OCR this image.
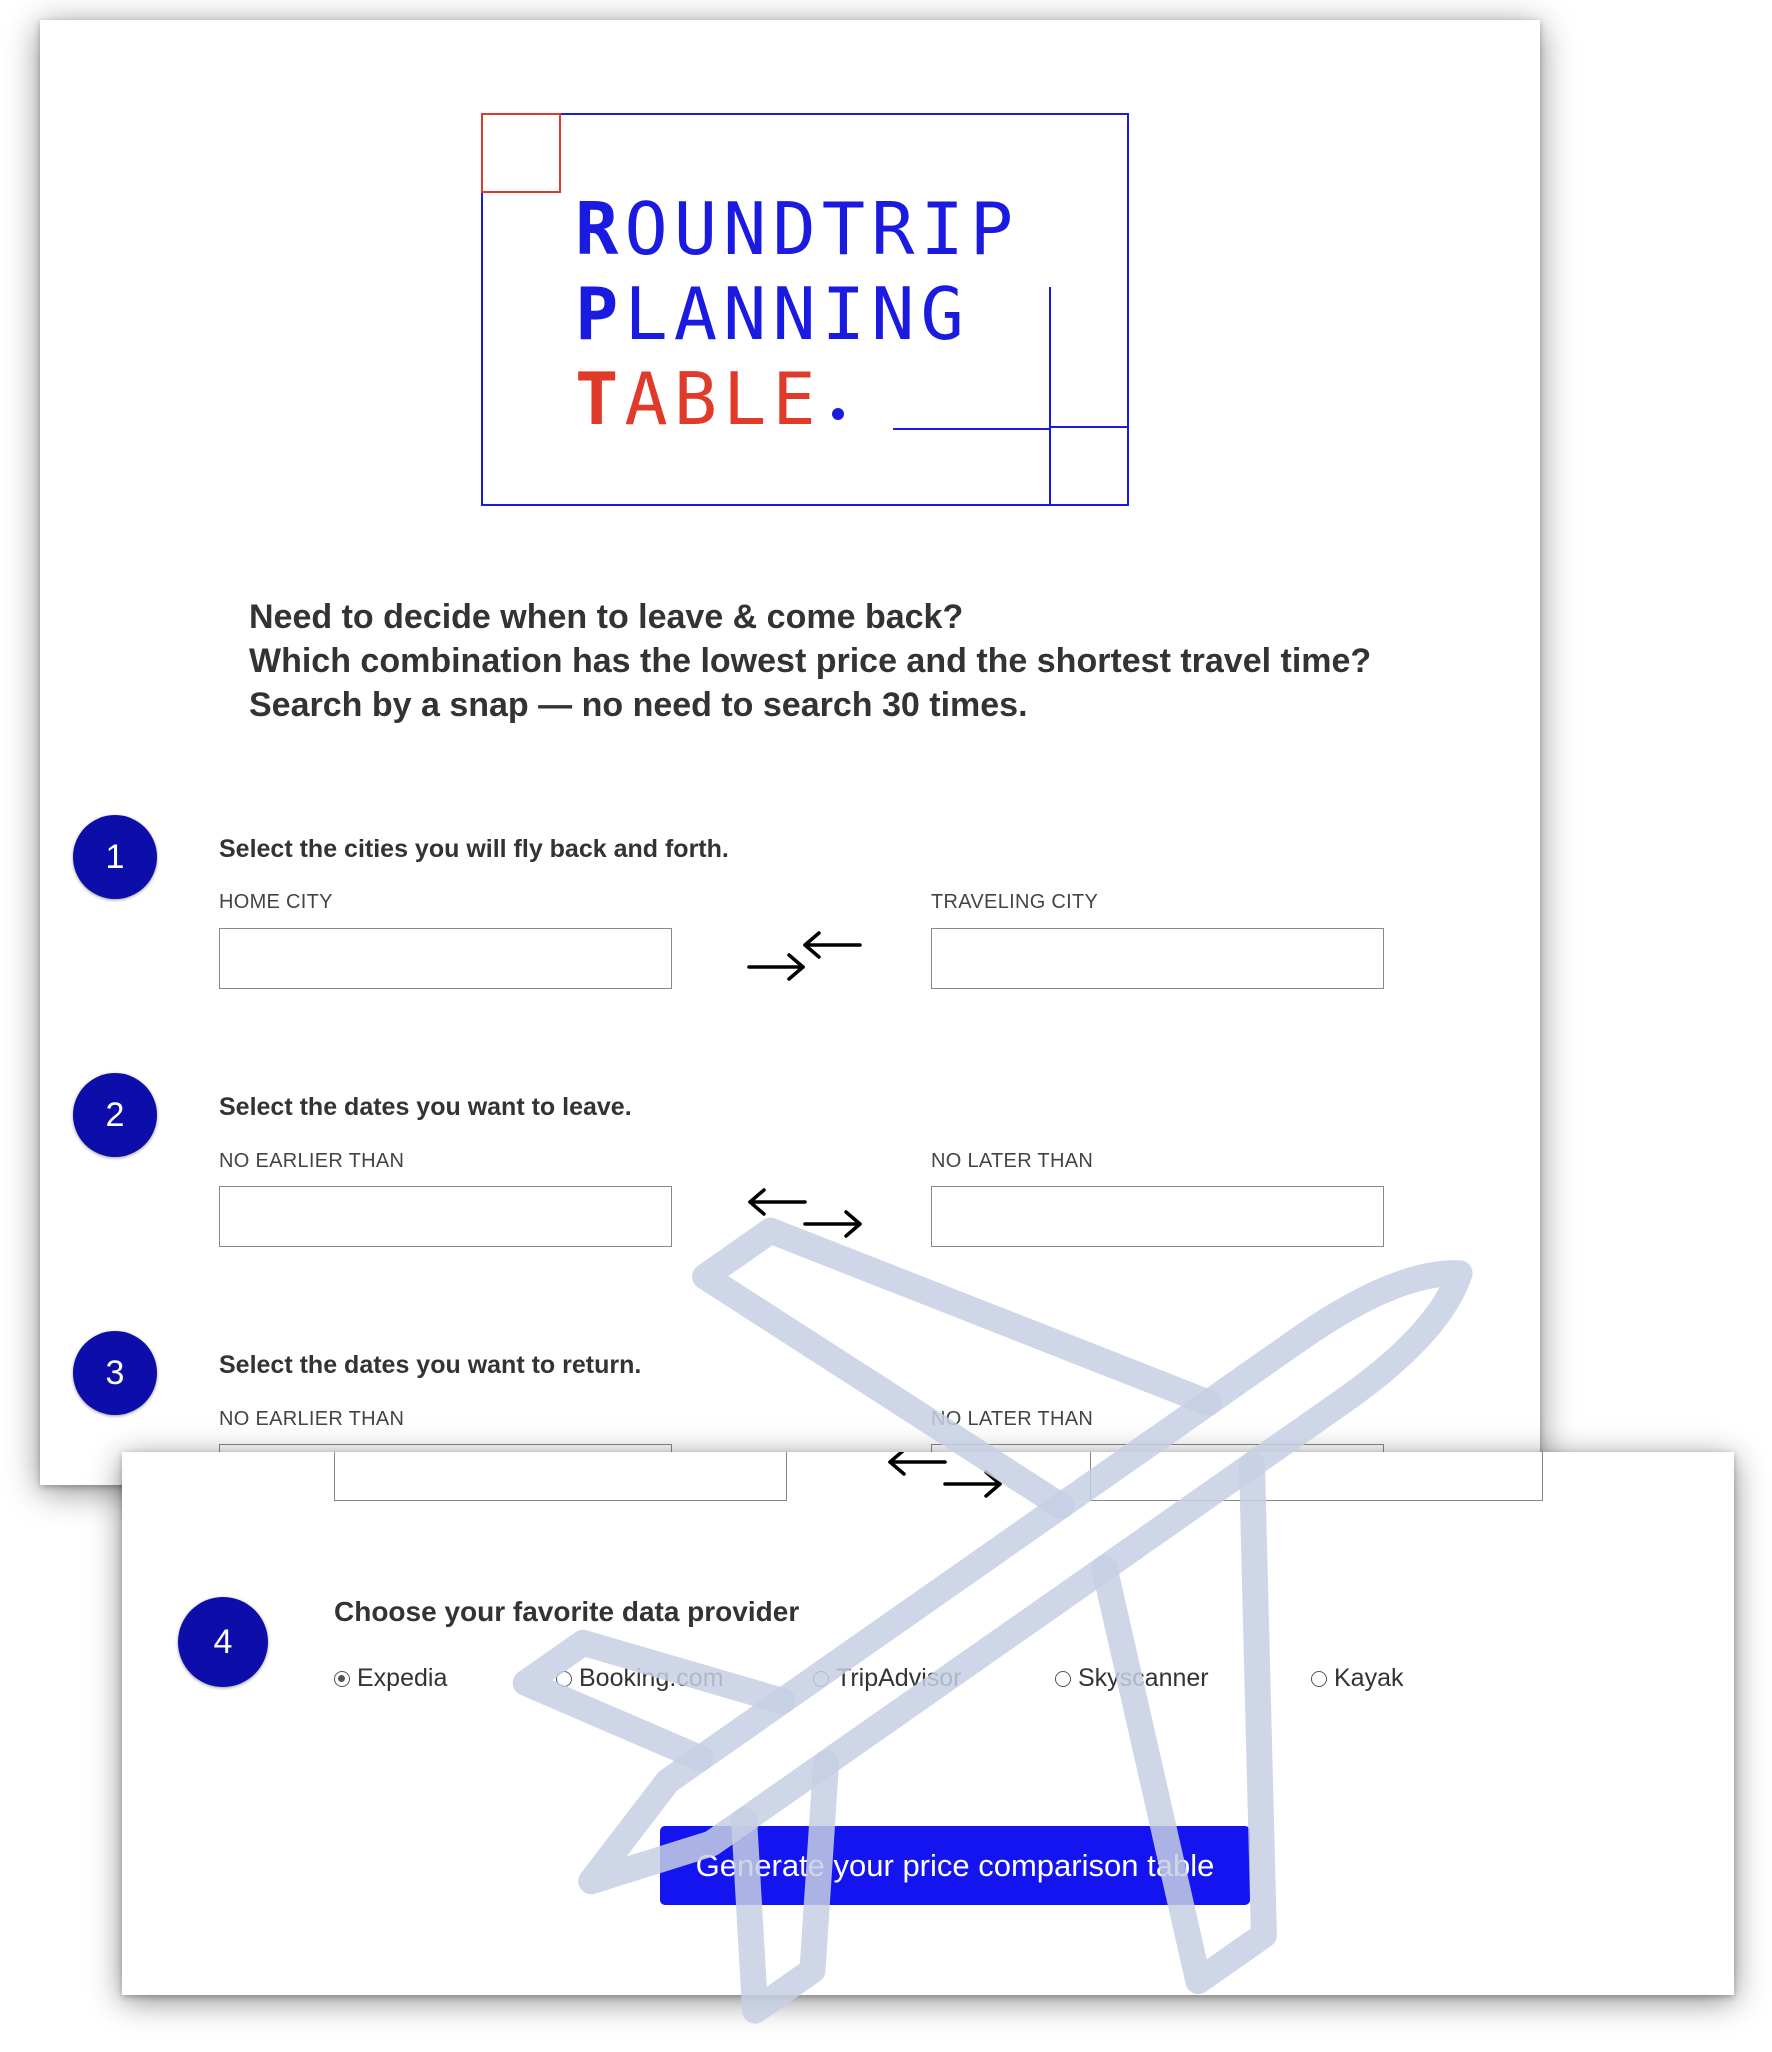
ROUNDTRIP
PLANNING
TABLE
Need to decide when to leave & come back?
Which combination has the lowest price and the shortest travel time?
Search by a snap — no need to search 30 times.
1	Select the cities you will fly back and forth.
HOME CITY	TRAVELING CITY
2	Select the dates you want to leave.
NO EARLIER THAN	NO LATER THAN
3	Select the dates you want to return.
NO EARLIER THAN	NO LATER THAN
4
Choose your favorite data provider
Expedia	Booking.com	TripAdvisor	Skyscanner	Kayak
Generate your price comparison table
